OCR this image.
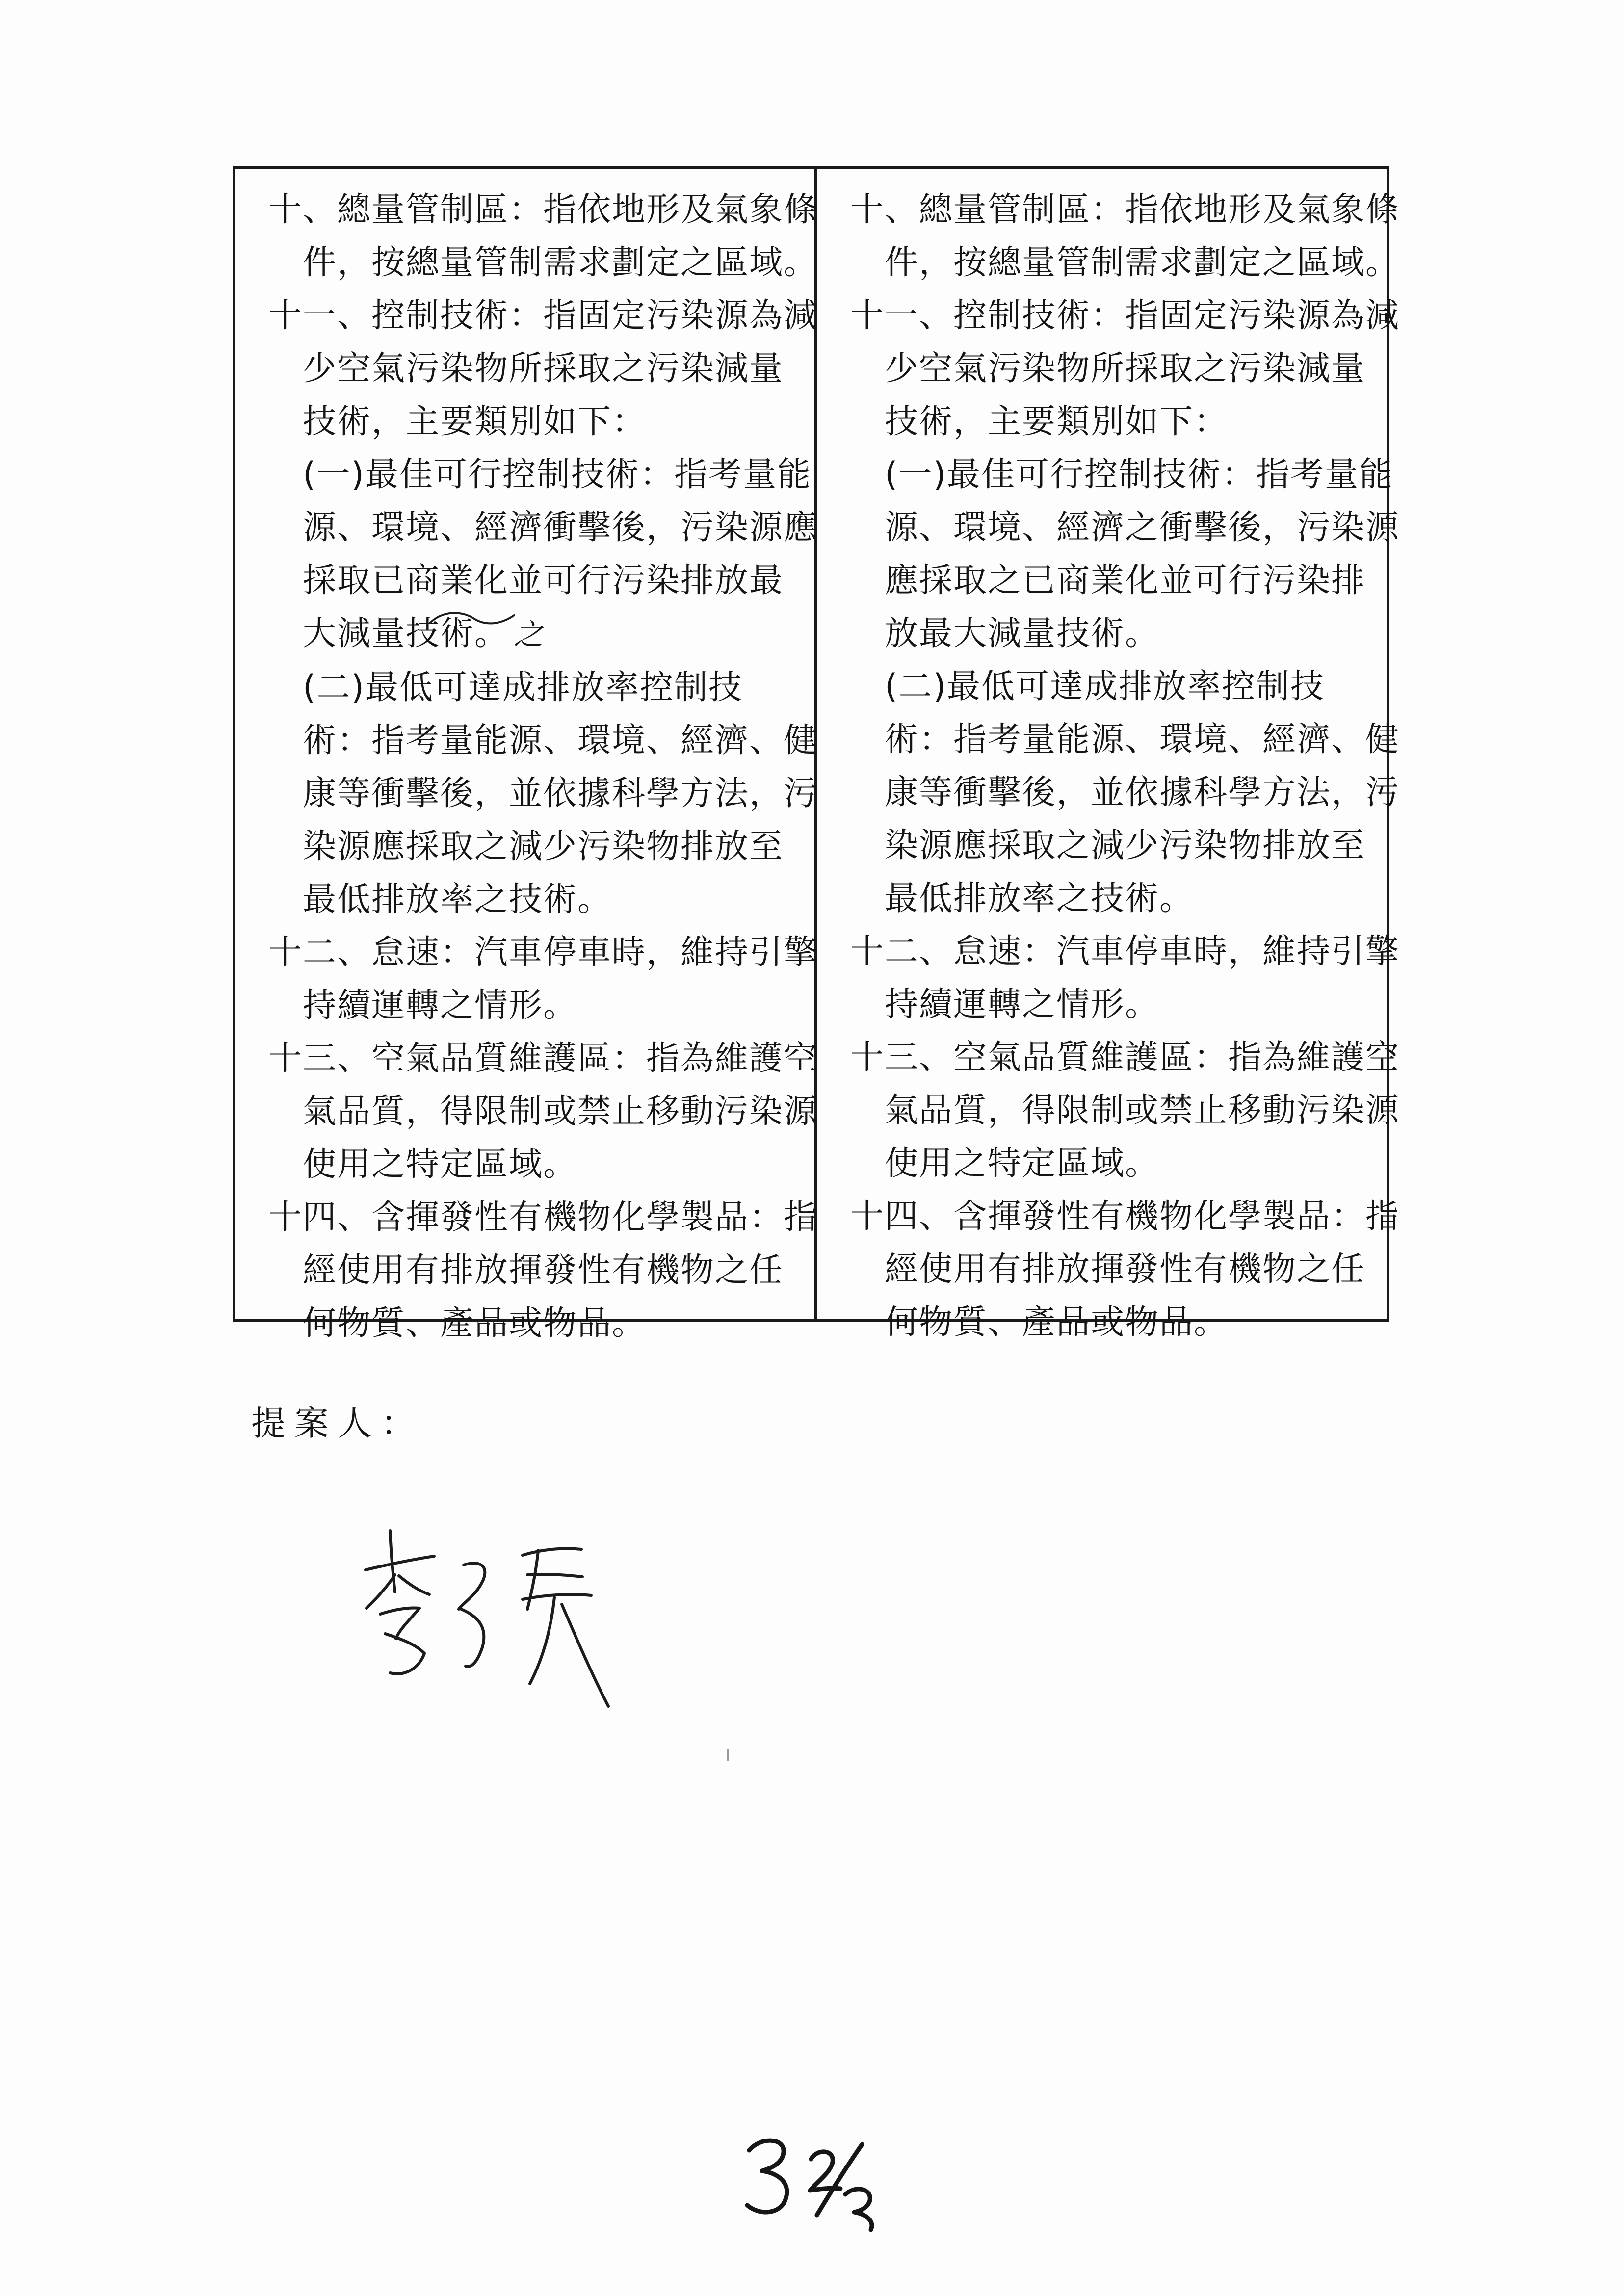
十、總量管制區：指依地形及氣象條
件，按總量管制需求劃定之區域。
十一、控制技術：指固定污染源為減
少空氣污染物所採取之污染減量
技術，主要類別如下：
(一)最佳可行控制技術：指考量能
源、環境、經濟衝擊後，污染源應
採取已商業化並可行污染排放最
大減量技術。 之
(二)最低可達成排放率控制技
術：指考量能源、環境、經濟、健
康等衝擊後，並依據科學方法，污
染源應採取之減少污染物排放至
最低排放率之技術。
十二、怠速：汽車停車時，維持引擎
持續運轉之情形。
十三、空氣品質維護區：指為維護空
氣品質，得限制或禁止移動污染源
使用之特定區域。
十四、含揮發性有機物化學製品：指
經使用有排放揮發性有機物之任
何物質、產品或物品。
十、總量管制區：指依地形及氣象條
件，按總量管制需求劃定之區域。
十一、控制技術：指固定污染源為減
少空氣污染物所採取之污染減量
技術，主要類別如下：
(一)最佳可行控制技術：指考量能
源、環境、經濟之衝擊後，污染源
應採取之已商業化並可行污染排
放最大減量技術。
(二)最低可達成排放率控制技
術：指考量能源、環境、經濟、健
康等衝擊後，並依據科學方法，污
染源應採取之減少污染物排放至
最低排放率之技術。
十二、怠速：汽車停車時，維持引擎
持續運轉之情形。
十三、空氣品質維護區：指為維護空
氣品質，得限制或禁止移動污染源
使用之特定區域。
十四、含揮發性有機物化學製品：指
經使用有排放揮發性有機物之任
何物質、產品或物品。
提案人：
